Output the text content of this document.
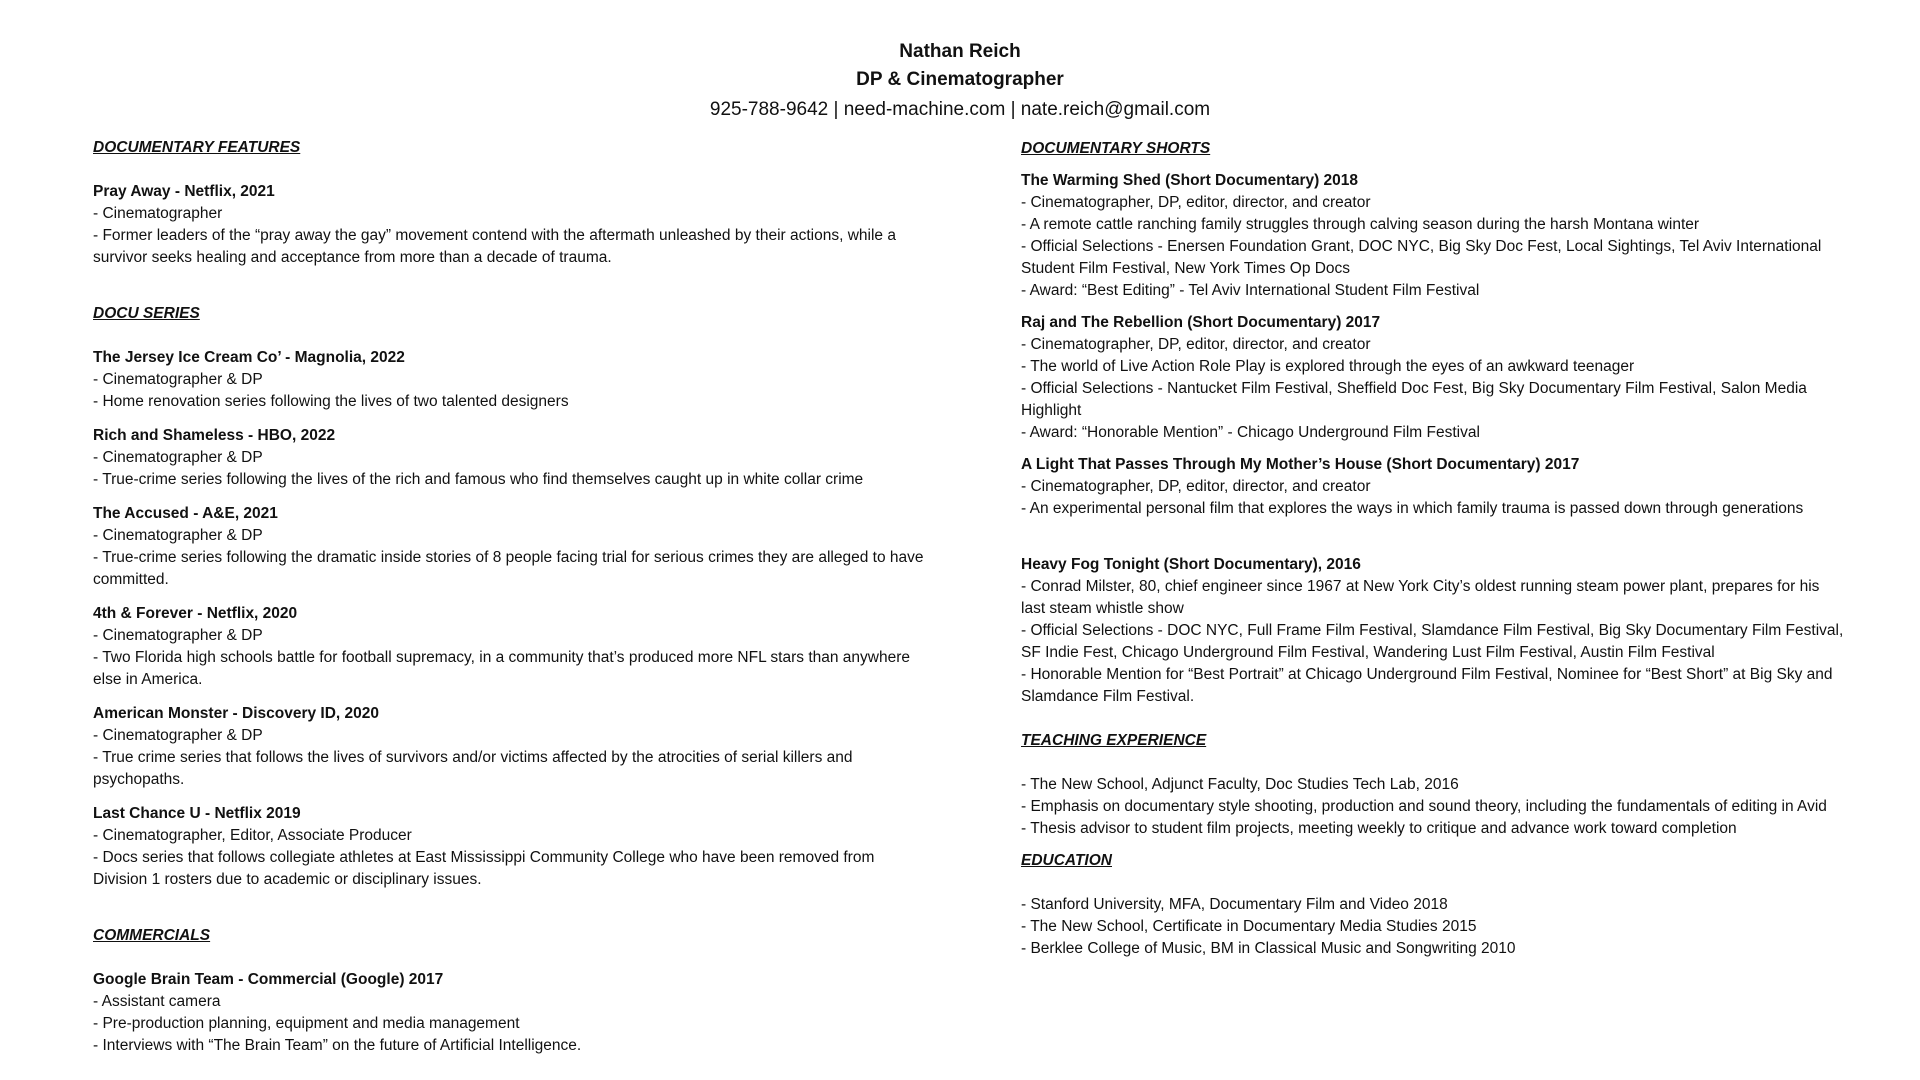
Nathan Reich
DP & Cinematographer
925-788-9642 | need-machine.com | nate.reich@gmail.com
DOCUMENTARY FEATURES
Pray Away - Netflix, 2021
- Cinematographer
- Former leaders of the “pray away the gay” movement contend with the aftermath unleashed by their actions, while a
survivor seeks healing and acceptance from more than a decade of trauma.
DOCU SERIES
The Jersey Ice Cream Co’ - Magnolia, 2022
- Cinematographer & DP
- Home renovation series following the lives of two talented designers
Rich and Shameless - HBO, 2022
- Cinematographer & DP
- True-crime series following the lives of the rich and famous who find themselves caught up in white collar crime
The Accused - A&E, 2021
- Cinematographer & DP
- True-crime series following the dramatic inside stories of 8 people facing trial for serious crimes they are alleged to have
committed.
4th & Forever - Netflix, 2020
- Cinematographer & DP
- Two Florida high schools battle for football supremacy, in a community that’s produced more NFL stars than anywhere
else in America.
American Monster - Discovery ID, 2020
- Cinematographer & DP
- True crime series that follows the lives of survivors and/or victims affected by the atrocities of serial killers and
psychopaths.
Last Chance U - Netflix 2019
- Cinematographer, Editor, Associate Producer
- Docs series that follows collegiate athletes at East Mississippi Community College who have been removed from
Division 1 rosters due to academic or disciplinary issues.
COMMERCIALS
Google Brain Team - Commercial (Google) 2017
- Assistant camera
- Pre-production planning, equipment and media management
- Interviews with “The Brain Team” on the future of Artificial Intelligence.
DOCUMENTARY SHORTS
The Warming Shed (Short Documentary) 2018
- Cinematographer, DP, editor, director, and creator
- A remote cattle ranching family struggles through calving season during the harsh Montana winter
- Official Selections - Enersen Foundation Grant, DOC NYC, Big Sky Doc Fest, Local Sightings, Tel Aviv International
Student Film Festival, New York Times Op Docs
- Award: “Best Editing” - Tel Aviv International Student Film Festival
Raj and The Rebellion (Short Documentary) 2017
- Cinematographer, DP, editor, director, and creator
- The world of Live Action Role Play is explored through the eyes of an awkward teenager
- Official Selections - Nantucket Film Festival, Sheffield Doc Fest, Big Sky Documentary Film Festival, Salon Media
Highlight
- Award: “Honorable Mention” - Chicago Underground Film Festival
A Light That Passes Through My Mother’s House (Short Documentary) 2017
- Cinematographer, DP, editor, director, and creator
- An experimental personal film that explores the ways in which family trauma is passed down through generations
Heavy Fog Tonight (Short Documentary), 2016
- Conrad Milster, 80, chief engineer since 1967 at New York City’s oldest running steam power plant, prepares for his
last steam whistle show
- Official Selections - DOC NYC, Full Frame Film Festival, Slamdance Film Festival, Big Sky Documentary Film Festival,
SF Indie Fest, Chicago Underground Film Festival, Wandering Lust Film Festival, Austin Film Festival
- Honorable Mention for “Best Portrait” at Chicago Underground Film Festival, Nominee for “Best Short” at Big Sky and
Slamdance Film Festival.
TEACHING EXPERIENCE
- The New School, Adjunct Faculty, Doc Studies Tech Lab, 2016
- Emphasis on documentary style shooting, production and sound theory, including the fundamentals of editing in Avid
- Thesis advisor to student film projects, meeting weekly to critique and advance work toward completion
EDUCATION
- Stanford University, MFA, Documentary Film and Video 2018
- The New School, Certificate in Documentary Media Studies 2015
- Berklee College of Music, BM in Classical Music and Songwriting 2010
